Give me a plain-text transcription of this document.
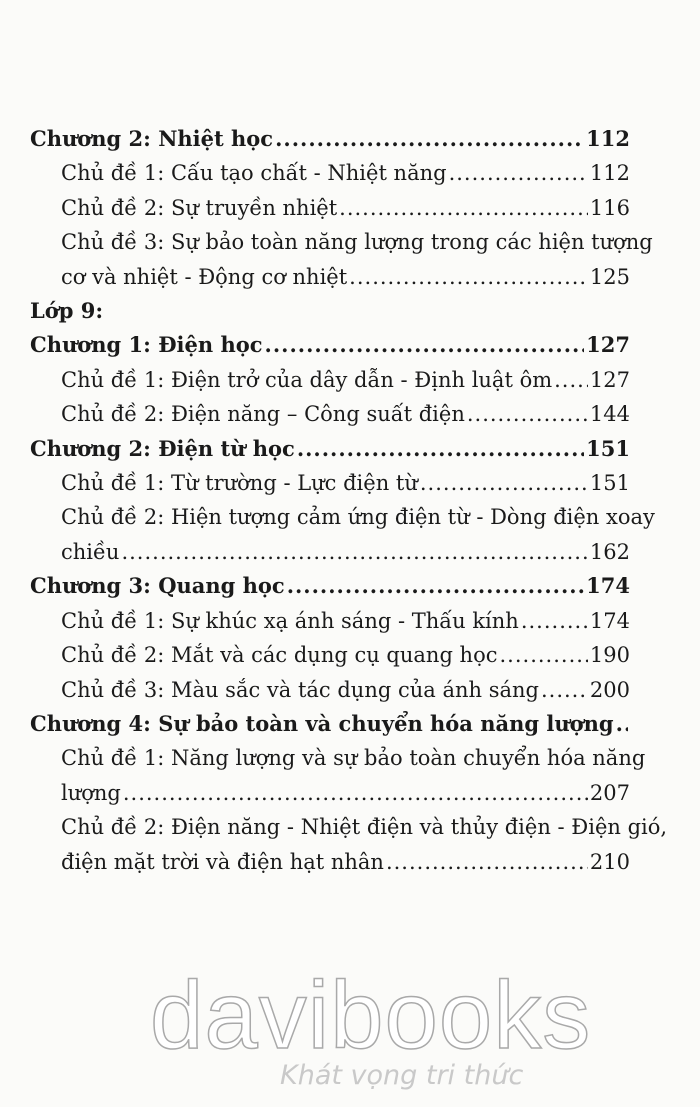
Chương 2: Nhiệt học .....	112
Chủ đề 1: Cấu tạo chất - Nhiệt năng .....	112
Chủ đề 2: Sự truyền nhiệt .....	116
Chủ đề 3: Sự bảo toàn năng lượng trong các hiện tượng
cơ và nhiệt - Động cơ nhiệt .....	125
Lớp 9:
Chương 1: Điện học .....	127
Chủ đề 1: Điện trở của dây dẫn - Định luật ôm ..... 127
Chủ đề 2: Điện năng – Công suất điện .....	144
Chương 2: Điện từ học .....	151
Chủ đề 1: Từ trường - Lực điện từ .....	151
Chủ đề 2: Hiện tượng cảm ứng điện từ - Dòng điện xoay
chiều .....	162
Chương 3: Quang học .....	174
Chủ đề 1: Sự khúc xạ ánh sáng - Thấu kính .....	174
Chủ đề 2: Mắt và các dụng cụ quang học .....	190
Chủ đề 3: Màu sắc và tác dụng của ánh sáng ..... 200
Chương 4: Sự bảo toàn và chuyển hóa năng lượng
.....
Chủ đề 1: Năng lượng và sự bảo toàn chuyển hóa năng
lượng .....	207
Chủ đề 2: Điện năng - Nhiệt điện và thủy điện - Điện gió,
điện mặt trời và điện hạt nhân .....	210
davibooks
Khát vọng tri thức
